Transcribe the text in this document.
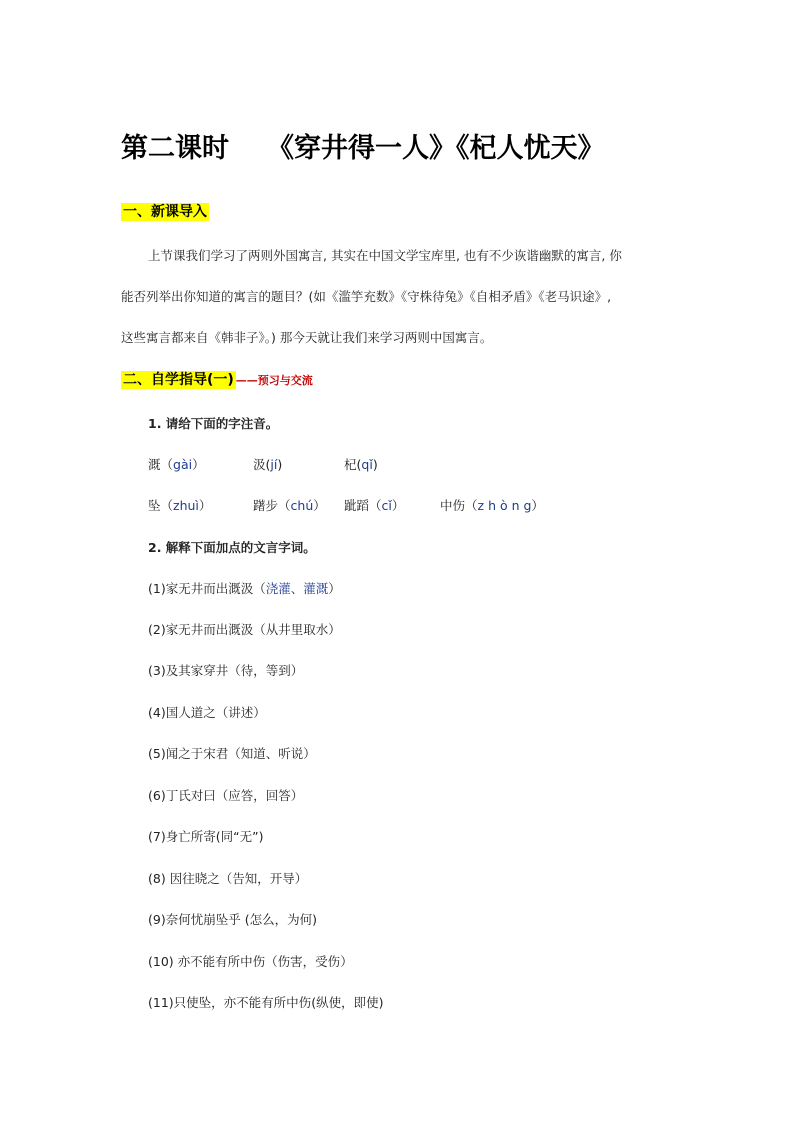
第二课时 《穿井得一人》《杞人忧天》
一、新课导入
上节课我们学习了两则外国寓言, 其实在中国文学宝库里, 也有不少诙谐幽默的寓言, 你
能否列举出你知道的寓言的题目？(如《滥竽充数》《守株待兔》《自相矛盾》《老马识途》,
这些寓言都来自《韩非子》。) 那今天就让我们来学习两则中国寓言。
二、自学指导(一) ——预习与交流
1. 请给下面的字注音。
溉（gài）	汲(jí)	杞(qǐ)
坠（zhuì）	躇步（chú） 跐蹈（cǐ）	中伤（z h ò n g）
2. 解释下面加点的文言字词。
(1)家无井而出溉汲（浇灌、灌溉）
(2)家无井而出溉汲（从井里取水）
(3)及其家穿井（待，等到）
(4)国人道之（讲述）
(5)闻之于宋君（知道、听说）
(6)丁氏对曰（应答，回答）
(7)身亡所寄(同“无”)
(8) 因往晓之（告知，开导）
(9)奈何忧崩坠乎 (怎么，为何)
(10) 亦不能有所中伤（伤害，受伤）
(11)只使坠，亦不能有所中伤(纵使，即使)
